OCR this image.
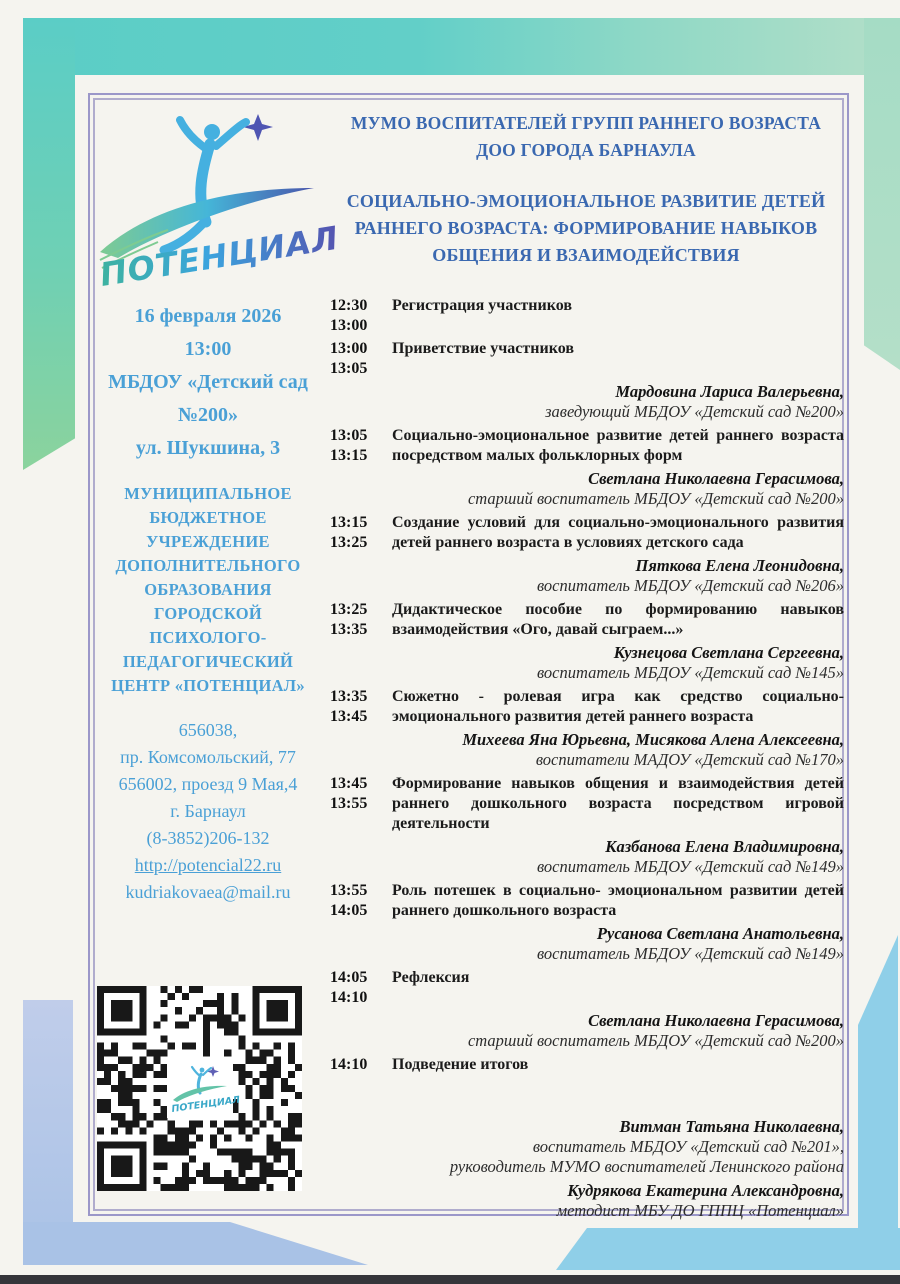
ПОТЕНЦИАЛ
МУМО ВОСПИТАТЕЛЕЙ ГРУПП РАННЕГО ВОЗРАСТА ДОО ГОРОДА БАРНАУЛА
СОЦИАЛЬНО-ЭМОЦИОНАЛЬНОЕ РАЗВИТИЕ ДЕТЕЙ РАННЕГО ВОЗРАСТА: ФОРМИРОВАНИЕ НАВЫКОВ ОБЩЕНИЯ И ВЗАИМОДЕЙСТВИЯ
16 февраля 2026
13:00
МБДОУ «Детский сад №200»
ул. Шукшина, 3
МУНИЦИПАЛЬНОЕ
БЮДЖЕТНОЕ
УЧРЕЖДЕНИЕ
ДОПОЛНИТЕЛЬНОГО
ОБРАЗОВАНИЯ
ГОРОДСКОЙ
ПСИХОЛОГО-
ПЕДАГОГИЧЕСКИЙ
ЦЕНТР «ПОТЕНЦИАЛ»
656038,
пр. Комсомольский, 77
656002, проезд 9 Мая,4
г. Барнаул
(8-3852)206-132
http://potencial22.ru
kudriakovaea@mail.ru
ПОТЕНЦИАЛ
12:30
13:00
Регистрация участников
13:00
13:05
Приветствие участников
Мардовина Лариса Валерьевна,
заведующий МБДОУ «Детский сад №200»
13:05
13:15
Социально-эмоциональное развитие детей раннего возраста посредством малых фольклорных форм
Светлана Николаевна Герасимова,
старший воспитатель МБДОУ «Детский сад №200»
13:15
13:25
Создание условий для социально-эмоционального развития детей раннего возраста в условиях детского сада
Пяткова Елена Леонидовна,
воспитатель МБДОУ «Детский сад №206»
13:25
13:35
Дидактическое пособие по формированию навыков взаимодействия «Ого, давай сыграем...»
Кузнецова Светлана Сергеевна,
воспитатель МБДОУ «Детский сад №145»
13:35
13:45
Сюжетно - ролевая игра как средство социально-эмоционального развития детей раннего возраста
Михеева Яна Юрьевна, Мисякова Алена Алексеевна,
воспитатели МАДОУ «Детский сад №170»
13:45
13:55
Формирование навыков общения и взаимодействия детей раннего дошкольного возраста посредством игровой деятельности
Казбанова Елена Владимировна,
воспитатель МБДОУ «Детский сад №149»
13:55
14:05
Роль потешек в социально- эмоциональном развитии детей раннего дошкольного возраста
Русанова Светлана Анатольевна,
воспитатель МБДОУ «Детский сад №149»
14:05
14:10
Рефлексия
Светлана Николаевна Герасимова,
старший воспитатель МБДОУ «Детский сад №200»
14:10
	Подведение итогов
Витман Татьяна Николаевна,
воспитатель МБДОУ «Детский сад №201»,
руководитель МУМО воспитателей Ленинского района
Кудрякова Екатерина Александровна,
методист МБУ ДО ГППЦ «Потенциал»
